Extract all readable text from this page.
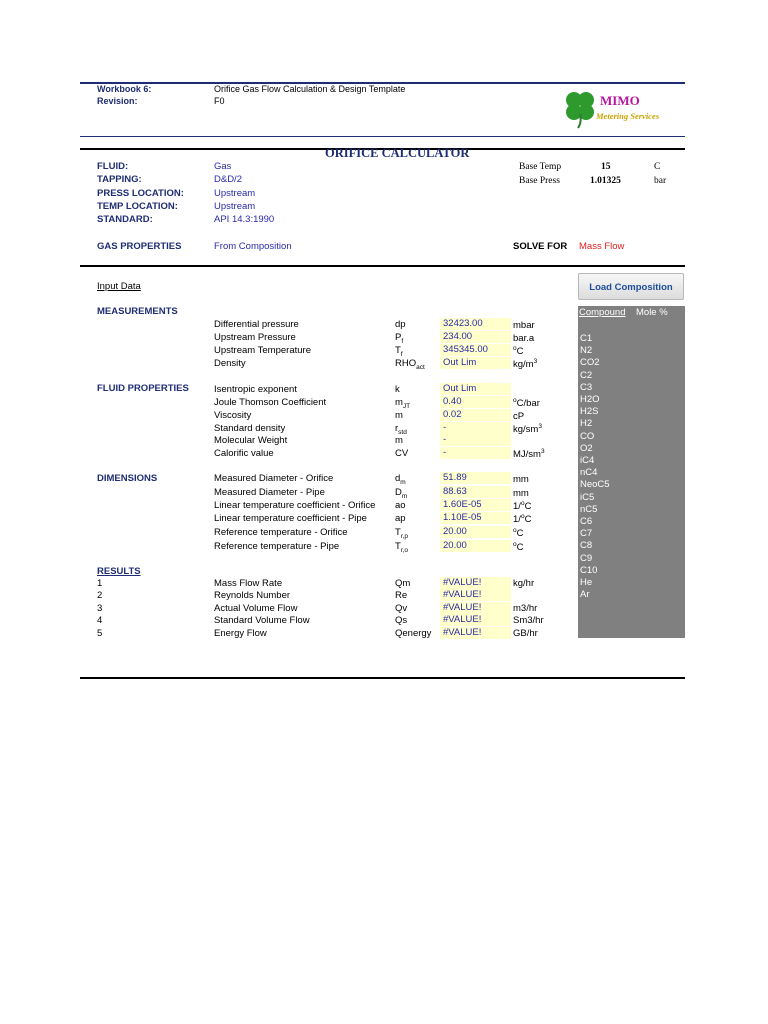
Workbook 6:	Orifice Gas Flow Calculation & Design Template
Revision:	F0	MIMO
Metering Services
ORIFICE CALCULATOR
FLUID:	Gas
TAPPING:	D&D/2
PRESS LOCATION:	Upstream
TEMP LOCATION:	Upstream
STANDARD:	API 14.3:1990
Base Temp	15	C
Base Press	1.01325	bar
GAS PROPERTIES	From Composition	SOLVE FOR Mass Flow
Input Data	Load Composition
MEASUREMENTS
FLUID PROPERTIES
DIMENSIONS
RESULTS
Differential pressure	dp	32423.00	mbar
Upstream Pressure	$P_f$	234.00	bar.a
Upstream Temperature	$T_f$	345345.00	$^o$C
Density	$RHO_{act}$	Out Lim	$kg/m^3$
Isentropic exponent	k	Out Lim
Joule Thomson Coefficient	$m_{JT}$	0.40	$^o$C/bar
Viscosity	m	0.02	cP
Standard density	$r_{std}$	-	$kg/sm^3$
Molecular Weight	m	-
Calorific value	CV	-	$MJ/sm^3$
Measured Diameter - Orifice	$d_m$	51.89	mm
Measured Diameter - Pipe	$D_m$	88.63	mm
Linear temperature coefficient - Orifice ao	1.60E-05	1/$^o$C
Linear temperature coefficient - Pipe	ap	1.10E-05	1/$^o$C
Reference temperature - Orifice	$T_{r,p}$	20.00	$^o$C
Reference temperature - Pipe	$T_{r,o}$	20.00	$^o$C
1	Mass Flow Rate	Qm	#VALUE!	kg/hr
2	Reynolds Number	Re	#VALUE!
3	Actual Volume Flow	Qv	#VALUE!	m3/hr
4	Standard Volume Flow	Qs	#VALUE!	Sm3/hr
5	Energy Flow	Qenergy	#VALUE!	GB/hr
Compound Mole %
C1
N2
CO2
C2
C3
H2O
H2S
H2
CO
O2
iC4
nC4
NeoC5
iC5
nC5
C6
C7
C8
C9
C10
He
Ar
